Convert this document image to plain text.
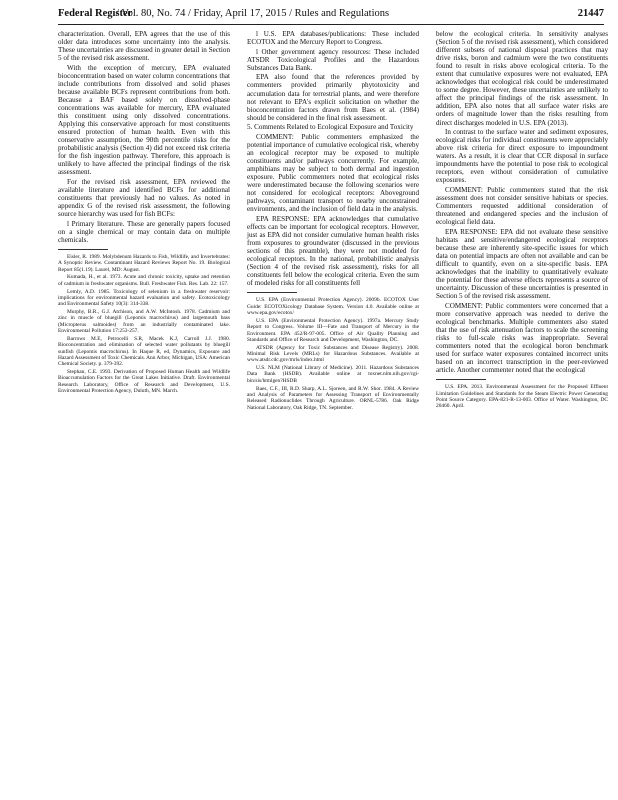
Federal Register
/ Vol. 80, No. 74 / Friday, April 17, 2015 / Rules and Regulations	21447

characterization. Overall, EPA agrees that the use of this older data introduces some uncertainty into the analysis. These uncertainties are discussed in greater detail in Section 5 of the revised risk assessment.

With the exception of mercury, EPA evaluated bioconcentration based on water column concentrations that include contributions from dissolved and solid phases because available BCFs represent contributions from both. Because a BAF based solely on dissolved-phase concentrations was available for mercury, EPA evaluated this constituent using only dissolved concentrations. Applying this conservative approach for most constituents ensured protection of human health. Even with this conservative assumption, the 90th percentile risks for the probabilistic analysis (Section 4) did not exceed risk criteria for the fish ingestion pathway. Therefore, this approach is unlikely to have affected the principal findings of the risk assessment.

For the revised risk assessment, EPA reviewed the available literature and identified BCFs for additional constituents that previously had no values. As noted in appendix G of the revised risk assessment, the following source hierarchy was used for fish BCFs:

l Primary literature. These are generally papers focused on a single chemical or may contain data on multiple chemicals.

Eisler, R. 1989. Molybdenum Hazards to Fish, Wildlife, and Invertebrates: A Synoptic Review. Contaminant Hazard Reviews Report No. 19. Biological Report 85(1.19). Laurel, MD: August.

Kumada, H., et al. 1973. Acute and chronic toxicity, uptake and retention of cadmium in freshwater organisms. Bull. Freshwater Fish. Res. Lab. 22: 157.

Lemly, A.D. 1985. Toxicology of selenium in a freshwater reservoir: implications for environmental hazard evaluation and safety. Ecotoxicology and Environmental Safety 10(3): 314-338.

Murphy, B.R., G.J. Atchison, and A.W. McIntosh. 1978. Cadmium and zinc in muscle of bluegill (Lepomis macrochirus) and largemouth bass (Micropterus salmoides) from an industrially contaminated lake. Environmental Pollution 17:253-257.

Barrows M.E, Petrocelli S.R, Macek K.J, Carroll J.J. 1980. Bioconcentration and elimination of selected water pollutants by bluegill sunfish (Lepomis macrochirus). In Haque R, ed, Dynamics, Exposure and Hazard Assessment of Toxic Chemicals. Ann Arbor, Michigan, USA: American Chemical Society. p. 379-392.

Stephan, C.E. 1993. Derivation of Proposed Human Health and Wildlife Bioaccumulation Factors for the Great Lakes Initiative. Draft. Environmental Research Laboratory, Office of Research and Development, U.S. Environmental Protection Agency, Duluth, MN. March.

l U.S. EPA databases/publications: These included ECOTOX and the Mercury Report to Congress.

l Other government agency resources: These included ATSDR Toxicological Profiles and the Hazardous Substances Data Bank.

EPA also found that the references provided by commenters provided primarily phytotoxicity and accumulation data for terrestrial plants, and were therefore not relevant to EPA's explicit solicitation on whether the bioconcentration factors drawn from Baes et al. (1984) should be considered in the final risk assessment.

5. Comments Related to Ecological Exposure and Toxicity

COMMENT: Public commenters emphasized the potential importance of cumulative ecological risk, whereby an ecological receptor may be exposed to multiple constituents and/or pathways concurrently. For example, amphibians may be subject to both dermal and ingestion exposure. Public commenters noted that ecological risks were underestimated because the following scenarios were not considered for ecological receptors: Aboveground pathways, contaminant transport to nearby unconstrained environments, and the inclusion of field data in the analysis.

EPA RESPONSE: EPA acknowledges that cumulative effects can be important for ecological receptors. However, just as EPA did not consider cumulative human health risks from exposures to groundwater (discussed in the previous sections of this preamble), they were not modeled for ecological receptors. In the national, probabilistic analysis (Section 4 of the revised risk assessment), risks for all constituents fell below the ecological criteria. Even the sum of modeled risks for all constituents fell

U.S. EPA (Environmental Protection Agency). 2009b. ECOTOX User Guide: ECOTOXicology Database System. Version 4.0. Available online at www.epa.gov/ecotox/

U.S. EPA (Environmental Protection Agency). 1997a. Mercury Study Report to Congress. Volume III—Fate and Transport of Mercury in the Environment. EPA 452/R-97-005. Office of Air Quality Planning and Standards and Office of Research and Development, Washington, DC.

ATSDR (Agency for Toxic Substances and Disease Registry). 2008. Minimal Risk Levels (MRLs) for Hazardous Substances. Available at www.atsdr.cdc.gov/mrls/index.html

U.S. NLM (National Library of Medicine). 2011. Hazardous Substances Data Bank (HSDB). Available online at toxnet.nlm.nih.gov/cgi-bin/sis/htmlgen?HSDB

Baes, C.F., III, R.D. Sharp, A.L. Sjoreen, and R.W. Shor. 1984. A Review and Analysis of Parameters for Assessing Transport of Environmentally Released Radionuclides Through Agriculture. ORNL-5786. Oak Ridge National Laboratory, Oak Ridge, TN. September.

below the ecological criteria. In sensitivity analyses (Section 5 of the revised risk assessment), which considered different subsets of national disposal practices that may drive risks, boron and cadmium were the two constituents found to result in risks above ecological criteria. To the extent that cumulative exposures were not evaluated, EPA acknowledges that ecological risk could be underestimated to some degree. However, these uncertainties are unlikely to affect the principal findings of the risk assessment. In addition, EPA also notes that all surface water risks are orders of magnitude lower than the risks resulting from direct discharges modeled in U.S. EPA (2013).

In contrast to the surface water and sediment exposures, ecological risks for individual constituents were appreciably above risk criteria for direct exposure to impoundment waters. As a result, it is clear that CCR disposal in surface impoundments have the potential to pose risk to ecological receptors, even without consideration of cumulative exposures.

COMMENT: Public commenters stated that the risk assessment does not consider sensitive habitats or species. Commenters requested additional consideration of threatened and endangered species and the inclusion of ecological field data.

EPA RESPONSE: EPA did not evaluate these sensitive habitats and sensitive/endangered ecological receptors because these are inherently site-specific issues for which data on potential impacts are often not available and can be difficult to quantify, even on a site-specific basis. EPA acknowledges that the inability to quantitatively evaluate the potential for these adverse effects represents a source of uncertainty. Discussion of these uncertainties is presented in Section 5 of the revised risk assessment.

COMMENT: Public commenters were concerned that a more conservative approach was needed to derive the ecological benchmarks. Multiple commenters also stated that the use of risk attenuation factors to scale the screening risks to full-scale risks was inappropriate. Several commenters noted that the ecological boron benchmark used for surface water exposures contained incorrect units based on an incorrect transcription in the peer-reviewed article. Another commenter noted that the ecological

U.S. EPA. 2013. Environmental Assessment for the Proposed Effluent Limitation Guidelines and Standards for the Steam Electric Power Generating Point Source Category. EPA-821-R-13-003. Office of Water. Washington, DC 20460. April.
